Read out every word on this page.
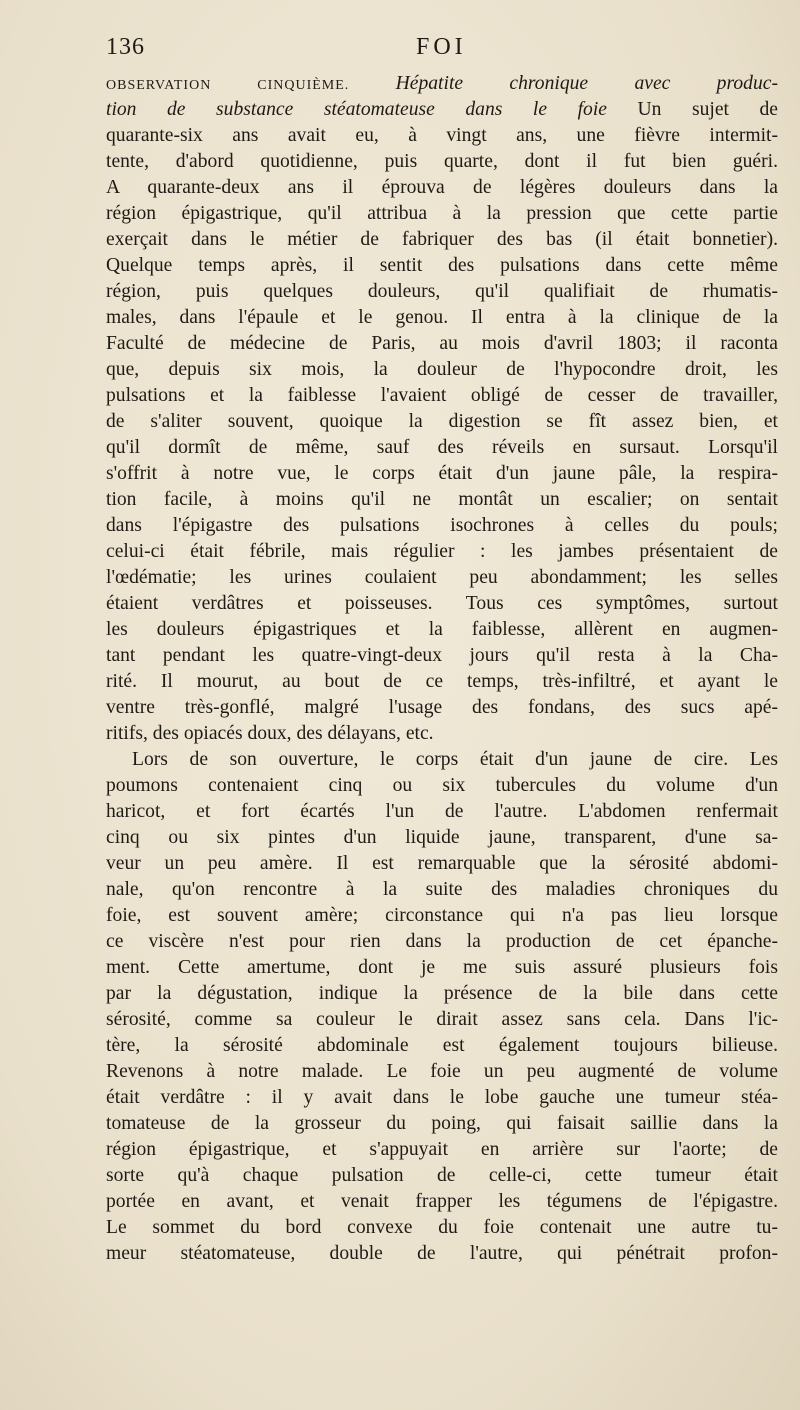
136	FOI
OBSERVATION CINQUIÈME. Hépatite chronique avec produc-
tion de substance stéatomateuse dans le foie Un sujet de
quarante-six ans avait eu, à vingt ans, une fièvre intermit-
tente, d'abord quotidienne, puis quarte, dont il fut bien guéri.
A quarante-deux ans il éprouva de légères douleurs dans la
région épigastrique, qu'il attribua à la pression que cette partie
exerçait dans le métier de fabriquer des bas (il était bonnetier).
Quelque temps après, il sentit des pulsations dans cette même
région, puis quelques douleurs, qu'il qualifiait de rhumatis-
males, dans l'épaule et le genou. Il entra à la clinique de la
Faculté de médecine de Paris, au mois d'avril 1803; il raconta
que, depuis six mois, la douleur de l'hypocondre droit, les
pulsations et la faiblesse l'avaient obligé de cesser de travailler,
de s'aliter souvent, quoique la digestion se fît assez bien, et
qu'il dormît de même, sauf des réveils en sursaut. Lorsqu'il
s'offrit à notre vue, le corps était d'un jaune pâle, la respira-
tion facile, à moins qu'il ne montât un escalier; on sentait
dans l'épigastre des pulsations isochrones à celles du pouls;
celui-ci était fébrile, mais régulier : les jambes présentaient de
l'œdématie; les urines coulaient peu abondamment; les selles
étaient verdâtres et poisseuses. Tous ces symptômes, surtout
les douleurs épigastriques et la faiblesse, allèrent en augmen-
tant pendant les quatre-vingt-deux jours qu'il resta à la Cha-
rité. Il mourut, au bout de ce temps, très-infiltré, et ayant le
ventre très-gonflé, malgré l'usage des fondans, des sucs apé-
ritifs, des opiacés doux, des délayans, etc.
Lors de son ouverture, le corps était d'un jaune de cire. Les
poumons contenaient cinq ou six tubercules du volume d'un
haricot, et fort écartés l'un de l'autre. L'abdomen renfermait
cinq ou six pintes d'un liquide jaune, transparent, d'une sa-
veur un peu amère. Il est remarquable que la sérosité abdomi-
nale, qu'on rencontre à la suite des maladies chroniques du
foie, est souvent amère; circonstance qui n'a pas lieu lorsque
ce viscère n'est pour rien dans la production de cet épanche-
ment. Cette amertume, dont je me suis assuré plusieurs fois
par la dégustation, indique la présence de la bile dans cette
sérosité, comme sa couleur le dirait assez sans cela. Dans l'ic-
tère, la sérosité abdominale est également toujours bilieuse.
Revenons à notre malade. Le foie un peu augmenté de volume
était verdâtre : il y avait dans le lobe gauche une tumeur stéa-
tomateuse de la grosseur du poing, qui faisait saillie dans la
région épigastrique, et s'appuyait en arrière sur l'aorte; de
sorte qu'à chaque pulsation de celle-ci, cette tumeur était
portée en avant, et venait frapper les tégumens de l'épigastre.
Le sommet du bord convexe du foie contenait une autre tu-
meur stéatomateuse, double de l'autre, qui pénétrait profon-
